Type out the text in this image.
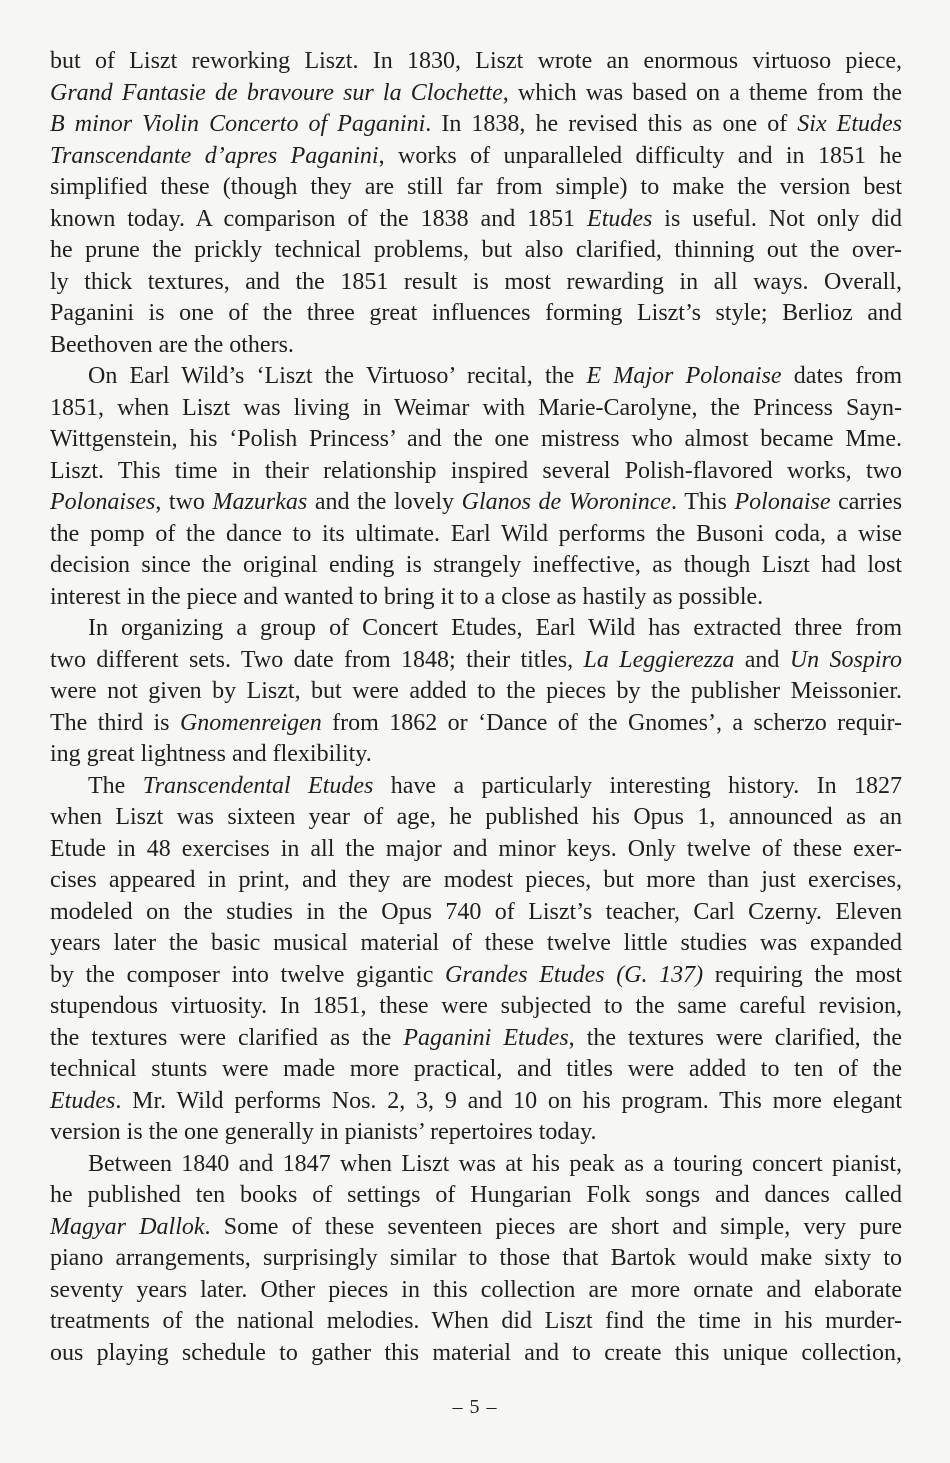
but of Liszt reworking Liszt. In 1830, Liszt wrote an enormous virtuoso piece,
Grand Fantasie de bravoure sur la Clochette, which was based on a theme from the
B minor Violin Concerto of Paganini. In 1838, he revised this as one of Six Etudes
Transcendante d’apres Paganini, works of unparalleled difficulty and in 1851 he
simplified these (though they are still far from simple) to make the version best
known today. A comparison of the 1838 and 1851 Etudes is useful. Not only did
he prune the prickly technical problems, but also clarified, thinning out the over-
ly thick textures, and the 1851 result is most rewarding in all ways. Overall,
Paganini is one of the three great influences forming Liszt’s style; Berlioz and
Beethoven are the others.
On Earl Wild’s ‘Liszt the Virtuoso’ recital, the E Major Polonaise dates from
1851, when Liszt was living in Weimar with Marie-Carolyne, the Princess Sayn-
Wittgenstein, his ‘Polish Princess’ and the one mistress who almost became Mme.
Liszt. This time in their relationship inspired several Polish-flavored works, two
Polonaises, two Mazurkas and the lovely Glanos de Woronince. This Polonaise carries
the pomp of the dance to its ultimate. Earl Wild performs the Busoni coda, a wise
decision since the original ending is strangely ineffective, as though Liszt had lost
interest in the piece and wanted to bring it to a close as hastily as possible.
In organizing a group of Concert Etudes, Earl Wild has extracted three from
two different sets. Two date from 1848; their titles, La Leggierezza and Un Sospiro
were not given by Liszt, but were added to the pieces by the publisher Meissonier.
The third is Gnomenreigen from 1862 or ‘Dance of the Gnomes’, a scherzo requir-
ing great lightness and flexibility.
The Transcendental Etudes have a particularly interesting history. In 1827
when Liszt was sixteen year of age, he published his Opus 1, announced as an
Etude in 48 exercises in all the major and minor keys. Only twelve of these exer-
cises appeared in print, and they are modest pieces, but more than just exercises,
modeled on the studies in the Opus 740 of Liszt’s teacher, Carl Czerny. Eleven
years later the basic musical material of these twelve little studies was expanded
by the composer into twelve gigantic Grandes Etudes (G. 137) requiring the most
stupendous virtuosity. In 1851, these were subjected to the same careful revision,
the textures were clarified as the Paganini Etudes, the textures were clarified, the
technical stunts were made more practical, and titles were added to ten of the
Etudes. Mr. Wild performs Nos. 2, 3, 9 and 10 on his program. This more elegant
version is the one generally in pianists’ repertoires today.
Between 1840 and 1847 when Liszt was at his peak as a touring concert pianist,
he published ten books of settings of Hungarian Folk songs and dances called
Magyar Dallok. Some of these seventeen pieces are short and simple, very pure
piano arrangements, surprisingly similar to those that Bartok would make sixty to
seventy years later. Other pieces in this collection are more ornate and elaborate
treatments of the national melodies. When did Liszt find the time in his murder-
ous playing schedule to gather this material and to create this unique collection,
– 5 –
